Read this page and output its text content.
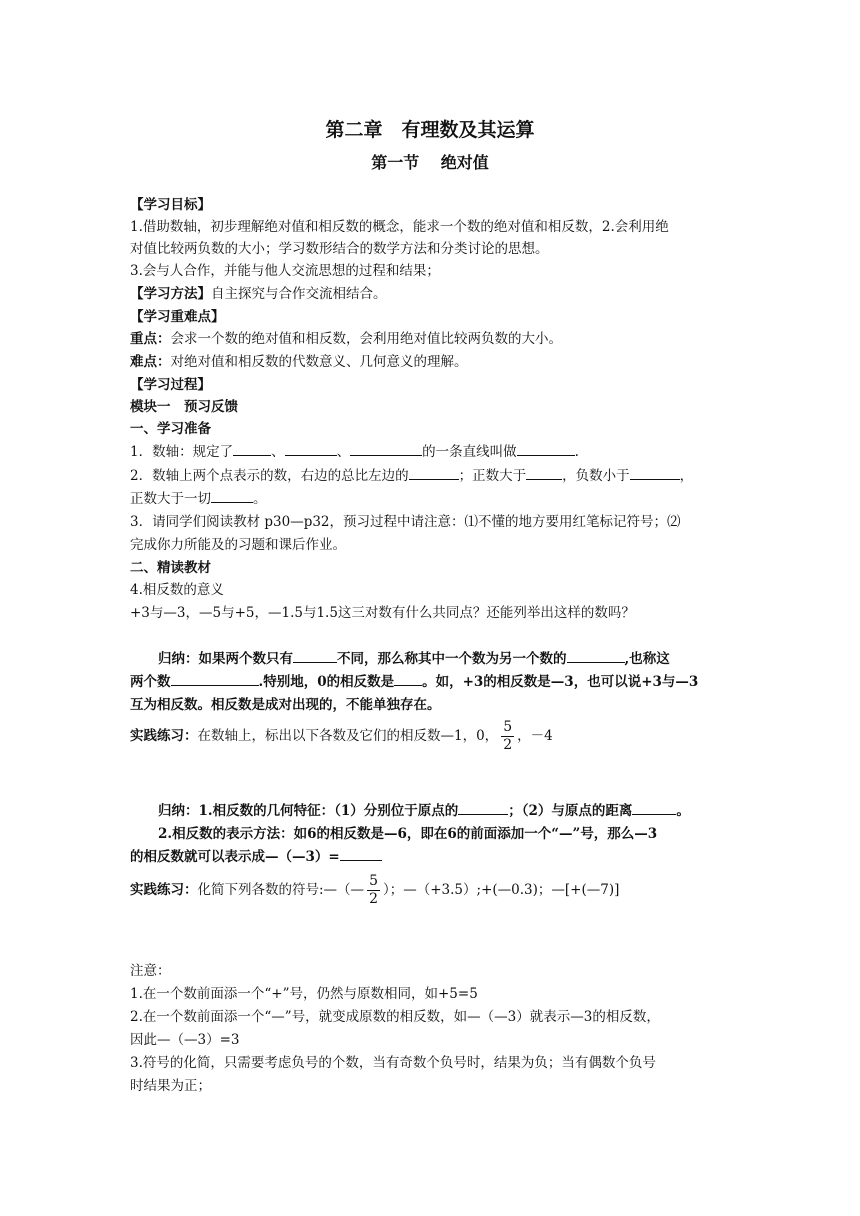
第二章　有理数及其运算
第一节　 绝对值
【学习目标】
1.借助数轴，初步理解绝对值和相反数的概念，能求一个数的绝对值和相反数，2.会利用绝
对值比较两负数的大小；学习数形结合的数学方法和分类讨论的思想。
3.会与人合作，并能与他人交流思想的过程和结果；
【学习方法】自主探究与合作交流相结合。
【学习重难点】
重点：会求一个数的绝对值和相反数，会利用绝对值比较两负数的大小。
难点：对绝对值和相反数的代数意义、几何意义的理解。
【学习过程】
模块一　预习反馈
一、学习准备
1．数轴：规定了	、	、	的一条直线叫做	.
2．数轴上两个点表示的数，右边的总比左边的	；正数大于	，负数小于	，
正数大于一切	。
3．请同学们阅读教材 p30—p32，预习过程中请注意：⑴不懂的地方要用红笔标记符号；⑵
完成你力所能及的习题和课后作业。
二、精读教材
4.相反数的意义
+3与—3，—5与+5，—1.5与1.5这三对数有什么共同点？还能列举出这样的数吗？
归纳：如果两个数只有	不同，那么称其中一个数为另一个数的	,也称这
两个数	.特别地，0的相反数是 。如，+3的相反数是—3，也可以说+3与—3
互为相反数。相反数是成对出现的，不能单独存在。
实践练习：在数轴上，标出以下各数及它们的相反数—1，0， $\frac{5}{2}$ ，－4
归纳：1.相反数的几何特征：（1）分别位于原点的	；（2）与原点的距离	。
2.相反数的表示方法：如6的相反数是—6，即在6的前面添加一个“—”号，那么—3
的相反数就可以表示成—（—3）=
实践练习：化简下列各数的符号:—（— $\frac{5}{2}$ ）；—（+3.5）;+(—0.3)；—[+(—7)]
注意：
1.在一个数前面添一个“+”号，仍然与原数相同，如+5=5
2.在一个数前面添一个“—”号，就变成原数的相反数，如—（—3）就表示—3的相反数，
因此—（—3）=3
3.符号的化简，只需要考虑负号的个数，当有奇数个负号时，结果为负；当有偶数个负号
时结果为正；
